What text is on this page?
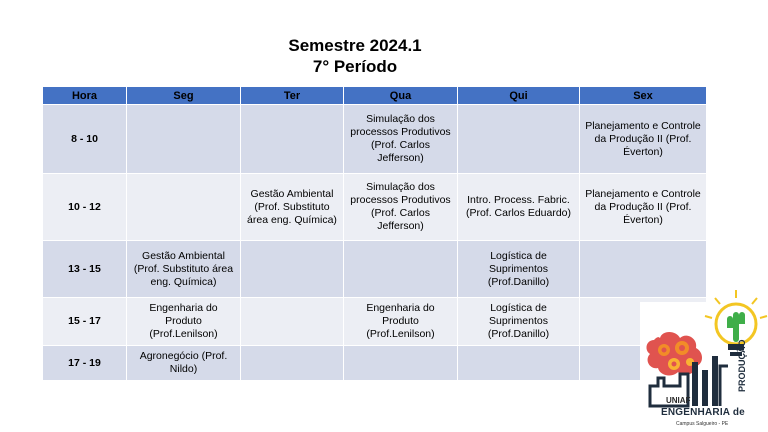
Semestre 2024.1
7° Período
Hora	Seg	Ter	Qua	Qui	Sex
8 - 10			Simulação dos processos Produtivos (Prof. Carlos Jefferson)		Planejamento e Controle da Produção II (Prof. Éverton)
10 - 12		Gestão Ambiental (Prof. Substituto área eng. Química)	Simulação dos processos Produtivos (Prof. Carlos Jefferson)	Intro. Process. Fabric. (Prof. Carlos Eduardo)	Planejamento e Controle da Produção II (Prof. Éverton)
13 - 15	Gestão Ambiental (Prof. Substituto área eng. Química)			Logística de Suprimentos (Prof.Danillo)	
15 - 17	Engenharia do Produto (Prof.Lenilson)		Engenharia do Produto (Prof.Lenilson)	Logística de Suprimentos (Prof.Danillo)	
17 - 19	Agronegócio (Prof. Nildo)				
UNIAF
ENGENHARIA de
PRODUÇÃO
Campus Salgueiro - PE
